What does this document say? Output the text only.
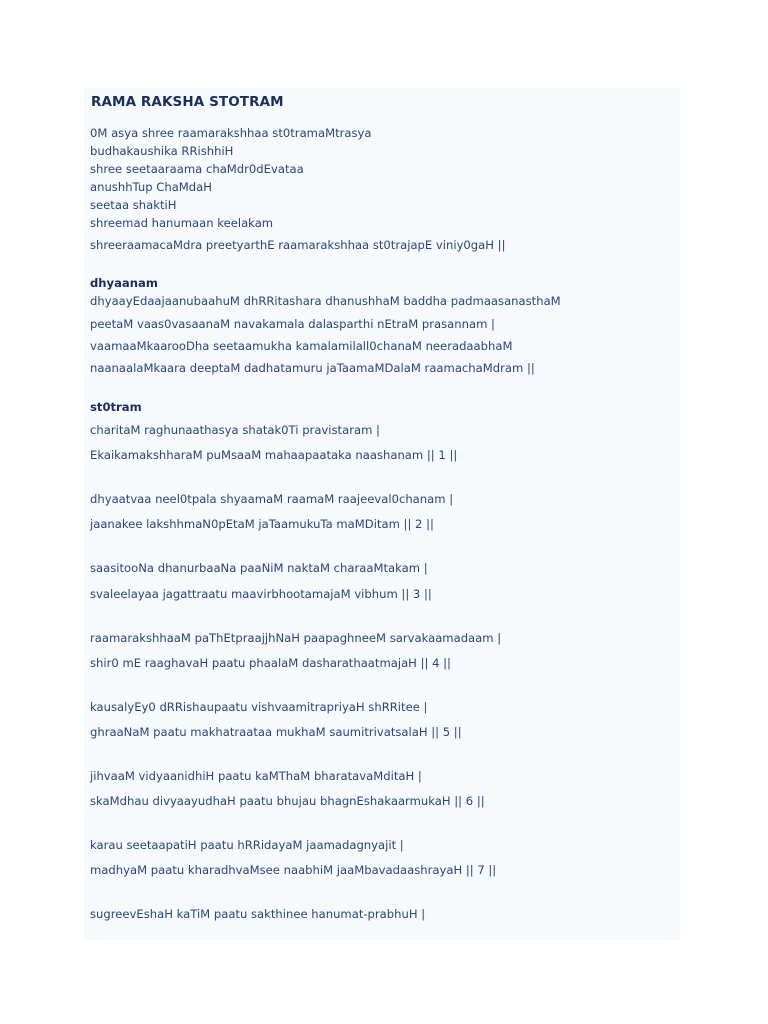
RAMA RAKSHA STOTRAM

0M asya shree raamarakshhaa st0tramaMtrasya

budhakaushika RRishhiH

shree seetaaraama chaMdr0dEvataa

anushhTup ChaMdaH

seetaa shaktiH

shreemad hanumaan keelakam

shreeraamacaMdra preetyarthE raamarakshhaa st0trajapE viniy0gaH ||

dhyaanam

dhyaayEdaajaanubaahuM dhRRitashara dhanushhaM baddha padmaasanasthaM

peetaM vaas0vasaanaM navakamala dalasparthi nEtraM prasannam |

vaamaaMkaarooDha seetaamukha kamalamilall0chanaM neeradaabhaM

naanaalaMkaara deeptaM dadhatamuru jaTaamaMDalaM raamachaMdram ||

st0tram

charitaM raghunaathasya shatak0Ti pravistaram |

EkaikamakshharaM puMsaaM mahaapaataka naashanam || 1 ||

dhyaatvaa neel0tpala shyaamaM raamaM raajeeval0chanam |

jaanakee lakshhmaN0pEtaM jaTaamukuTa maMDitam || 2 ||

saasitooNa dhanurbaaNa paaNiM naktaM charaaMtakam |

svaleelayaa jagattraatu maavirbhootamajaM vibhum || 3 ||

raamarakshhaaM paThEtpraajjhNaH paapaghneeM sarvakaamadaam |

shir0 mE raaghavaH paatu phaalaM dasharathaatmajaH || 4 ||

kausalyEy0 dRRishaupaatu vishvaamitrapriyaH shRRitee |

ghraaNaM paatu makhatraataa mukhaM saumitrivatsalaH || 5 ||

jihvaaM vidyaanidhiH paatu kaMThaM bharatavaMditaH |

skaMdhau divyaayudhaH paatu bhujau bhagnEshakaarmukaH || 6 ||

karau seetaapatiH paatu hRRidayaM jaamadagnyajit |

madhyaM paatu kharadhvaMsee naabhiM jaaMbavadaashrayaH || 7 ||

sugreevEshaH kaTiM paatu sakthinee hanumat-prabhuH |
